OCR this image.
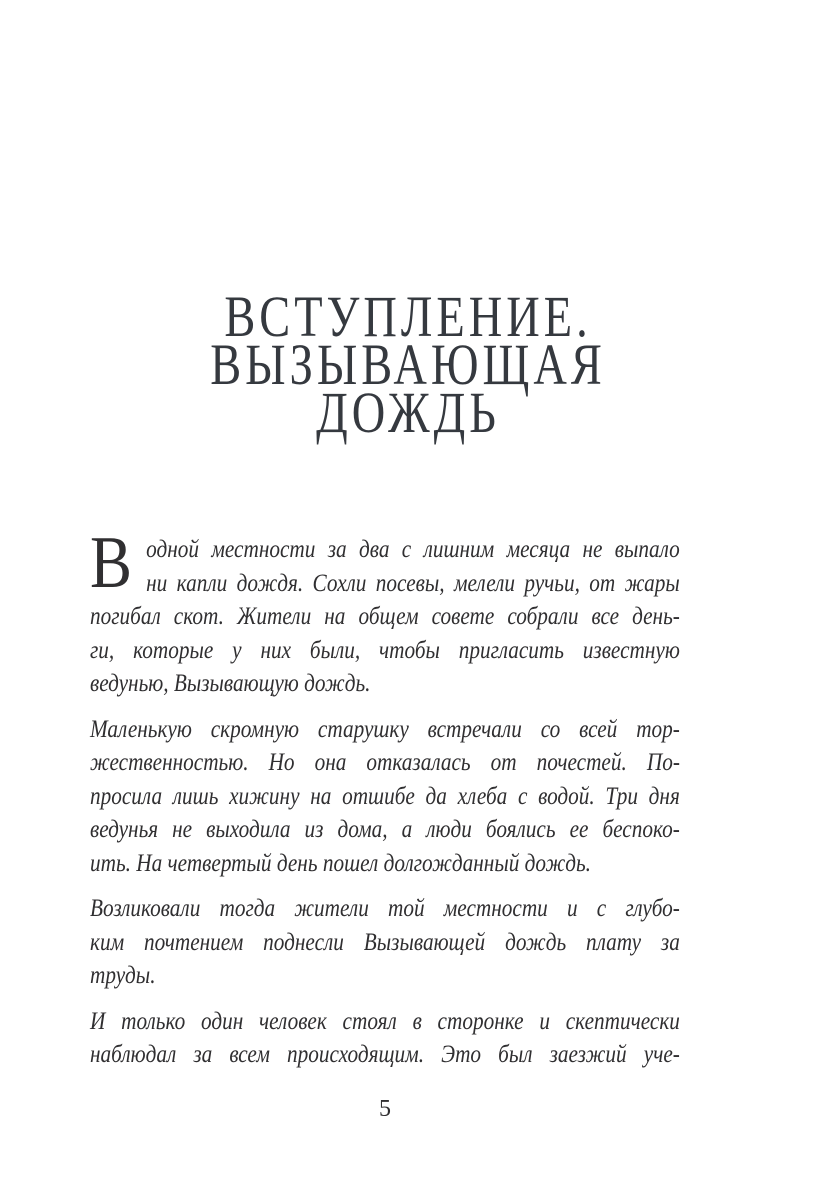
ВСТУПЛЕНИЕ.
ВЫЗЫВАЮЩАЯ
ДОЖДЬ
одной местности за два с лишним месяца не выпало
ни капли дождя. Сохли посевы, мелели ручьи, от жары
погибал скот. Жители на общем совете собрали все день-
ги, которые у них были, чтобы пригласить известную
ведунью, Вызывающую дождь.
В
Маленькую скромную старушку встречали со всей тор-
жественностью. Но она отказалась от почестей. По-
просила лишь хижину на отшибе да хлеба с водой. Три дня
ведунья не выходила из дома, а люди боялись ее беспоко-
ить. На четвертый день пошел долгожданный дождь.
Возликовали тогда жители той местности и с глубо-
ким почтением поднесли Вызывающей дождь плату за
труды.
И только один человек стоял в сторонке и скептически
наблюдал за всем происходящим. Это был заезжий уче-
5
